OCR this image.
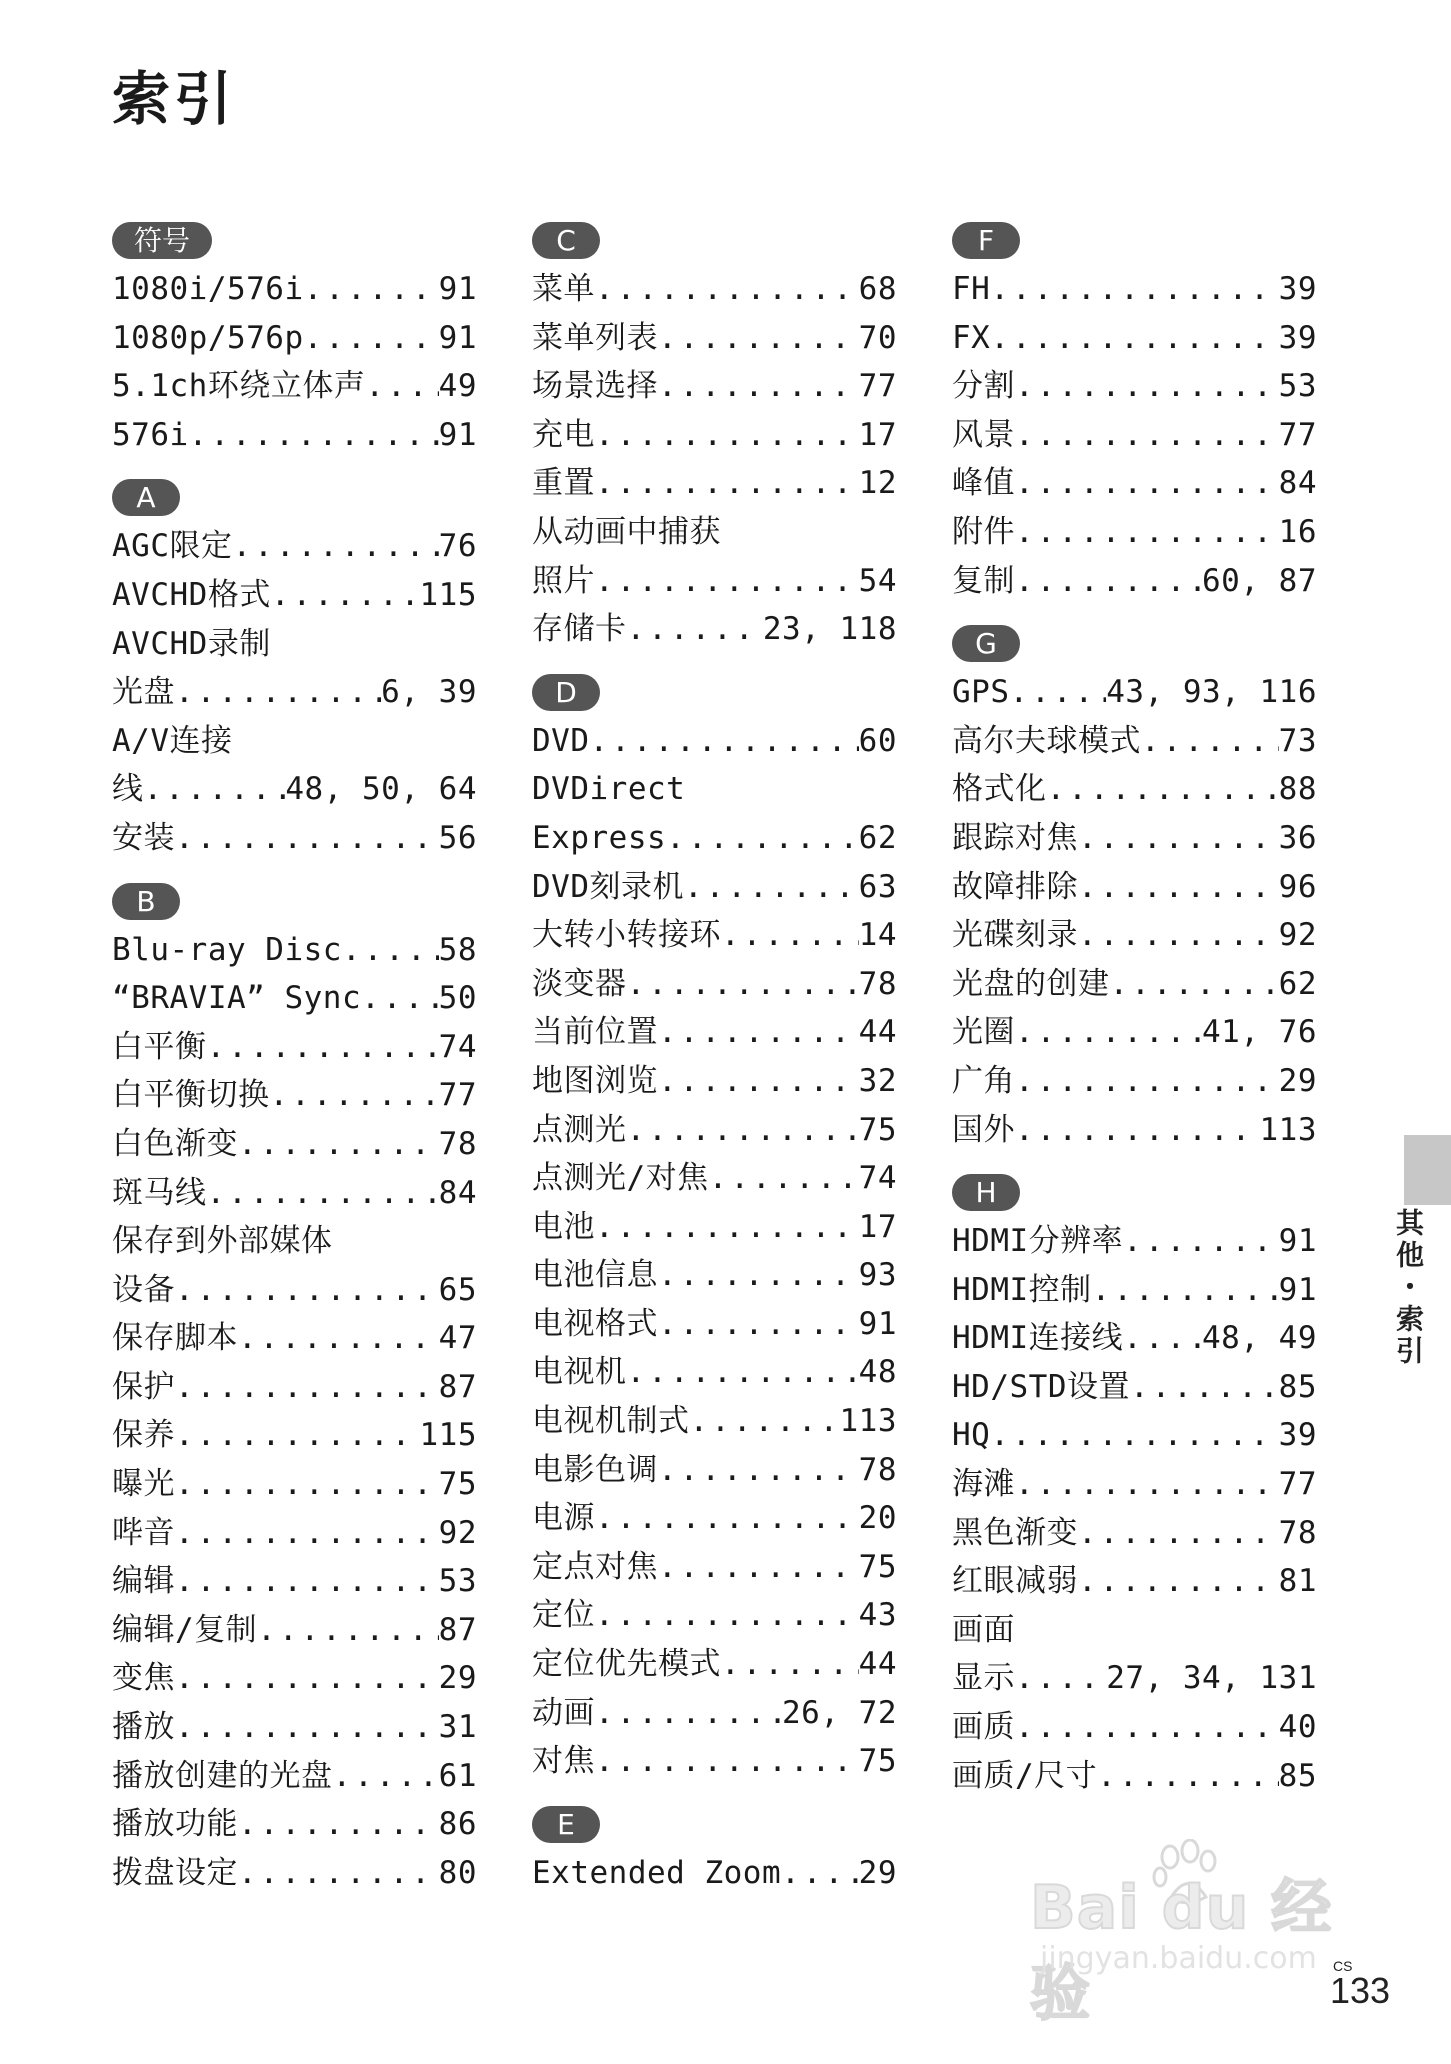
索引
符号
1080i/576i .....	91
1080p/576p .....	91
5.1ch环绕立体声 ..... 49
576i .....	91
A
AGC限定 .....	76
AVCHD格式 .....	115
AVCHD录制
光盘 .....	6, 39
A/V连接
线 .....	48, 50, 64
安装 .....	56
B
Blu-ray Disc .....	58
“BRAVIA” Sync .....	50
白平衡 .....	74
白平衡切换 .....	77
白色渐变 .....	78
斑马线 .....	84
保存到外部媒体
设备 .....	65
保存脚本 .....	47
保护 .....	87
保养 .....	115
曝光 .....	75
哔音 .....	92
编辑 .....	53
编辑/复制 .....	87
变焦 .....	29
播放 .....	31
播放创建的光盘 .....	61
播放功能 .....	86
拨盘设定 .....	80
C
菜单 .....	68
菜单列表 .....	70
场景选择 .....	77
充电 .....	17
重置 .....	12
从动画中捕获
照片 .....	54
存储卡 .....	23, 118
D
DVD .....	60
DVDirect
Express .....	62
DVD刻录机 .....	63
大转小转接环 .....	14
淡变器 .....	78
当前位置 .....	44
地图浏览 .....	32
点测光 .....	75
点测光/对焦 .....	74
电池 .....	17
电池信息 .....	93
电视格式 .....	91
电视机 .....	48
电视机制式 .....	113
电影色调 .....	78
电源 .....	20
定点对焦 .....	75
定位 .....	43
定位优先模式 .....	44
动画 .....	26, 72
对焦 .....	75
E
Extended Zoom .....	29
F
FH .....	39
FX .....	39
分割 .....	53
风景 .....	77
峰值 .....	84
附件 .....	16
复制 .....	60, 87
G
GPS .....	43, 93, 116
高尔夫球模式 .....	73
格式化 .....	88
跟踪对焦 .....	36
故障排除 .....	96
光碟刻录 .....	92
光盘的创建 .....	62
光圈 .....	41, 76
广角 .....	29
国外 .....	113
H
HDMI分辨率 .....	91
HDMI控制 .....	91
HDMI连接线 .....	48, 49
HD/STD设置 .....	85
HQ .....	39
海滩 .....	77
黑色渐变 .....	78
红眼减弱 .....	81
画面
显示 .....	27, 34, 131
画质 .....	40
画质/尺寸 .....	85
其他・索引
Bai du 经验
jingyan.baidu.com CS
133
